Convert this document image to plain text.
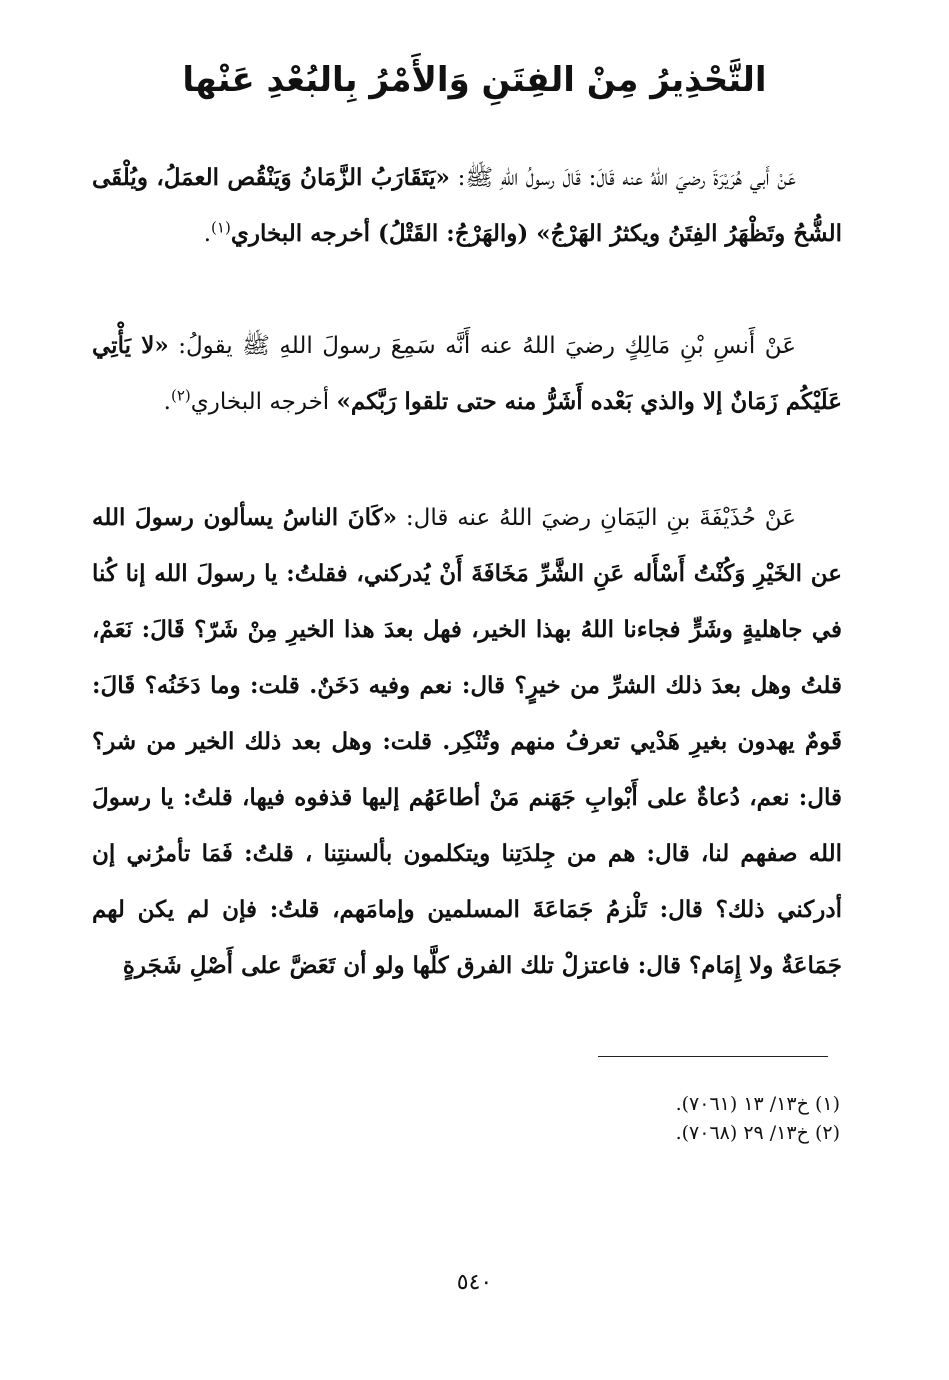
التَّحْذِيرُ مِنْ الفِتَنِ وَالأَمْرُ بِالبُعْدِ عَنْها

عَنْ أَبي هُرَيْرَةَ رضيَ اللهُ عنه قَالَ: قَالَ رسولُ اللهِ ﷺ: «يَتَقَارَبُ الزَّمَانُ وَيَنْقُص العمَلُ، ويُلْقَى الشُّحُ وتَظْهَرُ الفِتَنُ ويكثرُ الهَرْجُ» (والهَرْجُ: القَتْلُ) أخرجه البخاري$^{(١)}$.

عَنْ أَنسِ بْنِ مَالِكٍ رضيَ اللهُ عنه أَنَّه سَمِعَ رسولَ اللهِ ﷺ يقولُ: «لا يَأْتِي عَلَيْكُم زَمَانٌ إلا والذي بَعْده أَشَرُّ منه حتى تلقوا رَبَّكم» أخرجه البخاري$^{(٢)}$.

عَنْ حُذَيْفَةَ بنِ اليَمَانِ رضيَ اللهُ عنه قال: «كَانَ الناسُ يسألون رسولَ الله عن الخَيْرِ وَكُنْتُ أَسْأَله عَنِ الشَّرِّ مَخَافَةَ أَنْ يُدركني، فقلتُ: يا رسولَ الله إنا كُنا في جاهليةٍ وشَرٍّ فجاءنا اللهُ بهذا الخير، فهل بعدَ هذا الخيرِ مِنْ شَرّ؟ قَالَ: نَعَمْ، قلتُ وهل بعدَ ذلك الشرِّ من خيرٍ؟ قال: نعم وفيه دَخَنٌ. قلت: وما دَخَنُه؟ قَالَ: قَومٌ يهدون بغيرِ هَدْيي تعرفُ منهم وتُنْكِر. قلت: وهل بعد ذلك الخير من شر؟ قال: نعم، دُعاةٌ على أَبْوابِ جَهَنم مَنْ أطاعَهُم إليها قذفوه فيها، قلتُ: يا رسولَ الله صفهم لنا، قال: هم من جِلدَتِنا ويتكلمون بألسنتِنا ، قلتُ: فَمَا تأمرُني إن أدركني ذلك؟ قال: تَلْزمُ جَمَاعَةَ المسلمين وإمامَهم، قلتُ: فإن لم يكن لهم جَمَاعَةٌ ولا إِمَام؟ قال: فاعتزلْ تلك الفرق كلَّها ولو أن تَعَضَّ على أَصْلِ شَجَرةٍ

(١) خ١٣/ ١٣ (٧٠٦١).
(٢) خ١٣/ ٢٩ (٧٠٦٨).
٥٤٠
